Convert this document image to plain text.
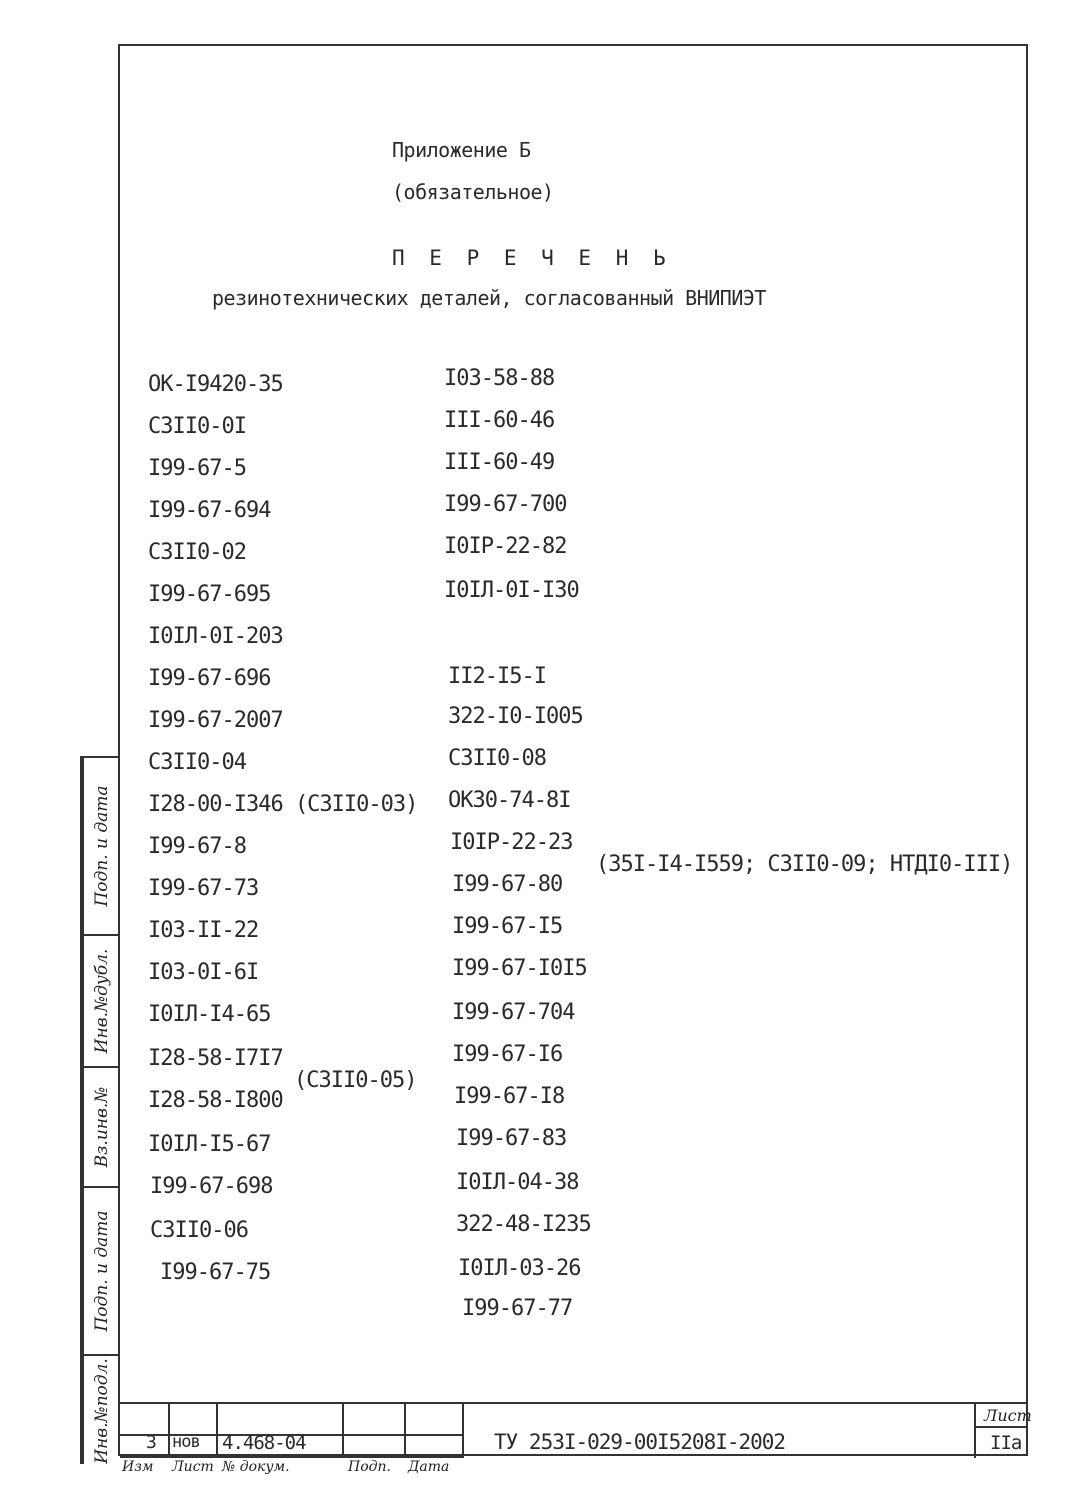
Приложение Б
(обязательное)
П Е Р Е Ч Е Н Ь
резинотехнических деталей, согласованный ВНИПИЭТ
OK-I9420-35
C3II0-0I
I99-67-5
I99-67-694
C3II0-02
I99-67-695
I0IЛ-0I-203
I99-67-696
I99-67-2007
C3II0-04
I28-00-I346 (C3II0-03)
I99-67-8
I99-67-73
I03-II-22
I03-0I-6I
I0IЛ-I4-65
I28-58-I7I7
I28-58-I800
I0IЛ-I5-67
I99-67-698
C3II0-06
I99-67-75
(C3II0-05)
I03-58-88
III-60-46
III-60-49
I99-67-700
I0IP-22-82
I0IЛ-0I-I30
II2-I5-I
322-I0-I005
C3II0-08
OK30-74-8I
I0IP-22-23
I99-67-80
I99-67-I5
I99-67-I0I5
I99-67-704
I99-67-I6
I99-67-I8
I99-67-83
I0IЛ-04-38
322-48-I235
I0IЛ-03-26
I99-67-77
(35I-I4-I559; C3II0-09; НТДI0-III)
Подп. и дата
Инв.№дубл.
Вз.инв.№
Подп. и дата
Инв.№подл. 3 нов 4.468-04
Изм Лист № докум.	Подп. Дата
ТУ 253I-029-00I5208I-2002
Лист
IIа
